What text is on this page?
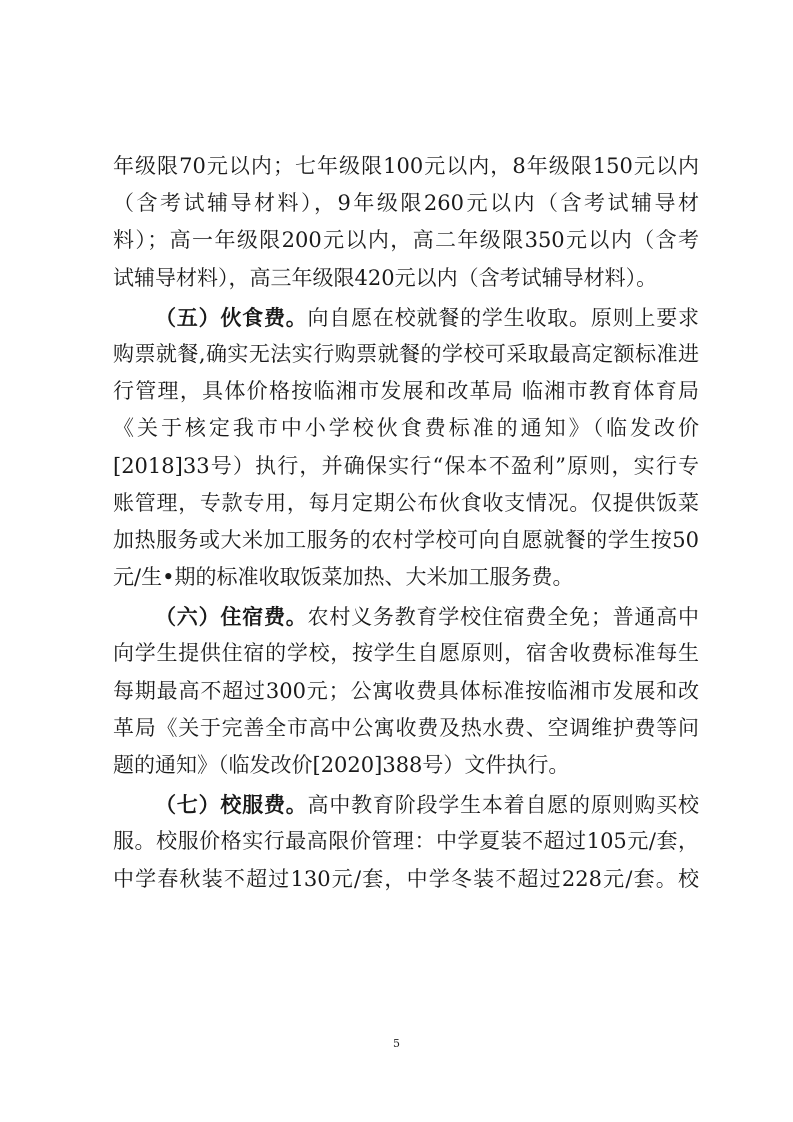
年级限70元以内；七年级限100元以内，8年级限150元以内
（含考试辅导材料），9年级限260元以内（含考试辅导材
料）；高一年级限200元以内，高二年级限350元以内（含考
试辅导材料），高三年级限420元以内（含考试辅导材料）。
（五）伙食费。向自愿在校就餐的学生收取。原则上要求
购票就餐,确实无法实行购票就餐的学校可采取最高定额标准进
行管理，具体价格按临湘市发展和改革局 临湘市教育体育局
《关于核定我市中小学校伙食费标准的通知》（临发改价
[2018]33号）执行，并确保实行“保本不盈利”原则，实行专
账管理，专款专用，每月定期公布伙食收支情况。仅提供饭菜
加热服务或大米加工服务的农村学校可向自愿就餐的学生按50
元/生•期的标准收取饭菜加热、大米加工服务费。
（六）住宿费。农村义务教育学校住宿费全免；普通高中
向学生提供住宿的学校，按学生自愿原则，宿舍收费标准每生
每期最高不超过300元；公寓收费具体标准按临湘市发展和改
革局《关于完善全市高中公寓收费及热水费、空调维护费等问
题的通知》（临发改价[2020]388号）文件执行。
（七）校服费。高中教育阶段学生本着自愿的原则购买校
服。校服价格实行最高限价管理：中学夏装不超过105元/套，
中学春秋装不超过130元/套，中学冬装不超过228元/套。校
5
